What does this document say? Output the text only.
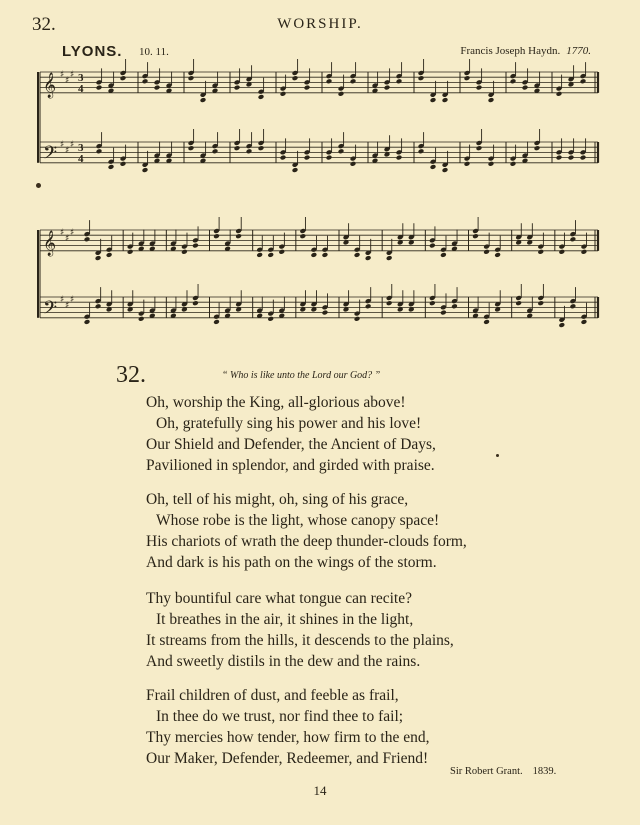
32.	WORSHIP.
LYONS. 10. 11.	Francis Joseph Haydn. 1770.
𝄞 ♯
♯
♯
𝄢 ♯
♯
♯
3
4
3
4
𝄞 ♯
♯
♯
𝄢 ♯
♯
♯
32.	“ Who is like unto the Lord our God? ”
Oh, worship the King, all-glorious above!
Oh, gratefully sing his power and his love!
Our Shield and Defender, the Ancient of Days,
Pavilioned in splendor, and girded with praise.
Oh, tell of his might, oh, sing of his grace,
Whose robe is the light, whose canopy space!
His chariots of wrath the deep thunder-clouds form,
And dark is his path on the wings of the storm.
Thy bountiful care what tongue can recite?
It breathes in the air, it shines in the light,
It streams from the hills, it descends to the plains,
And sweetly distils in the dew and the rains.
Frail children of dust, and feeble as frail,
In thee do we trust, nor find thee to fail;
Thy mercies how tender, how firm to the end,
Our Maker, Defender, Redeemer, and Friend!
Sir Robert Grant. 1839.
14
